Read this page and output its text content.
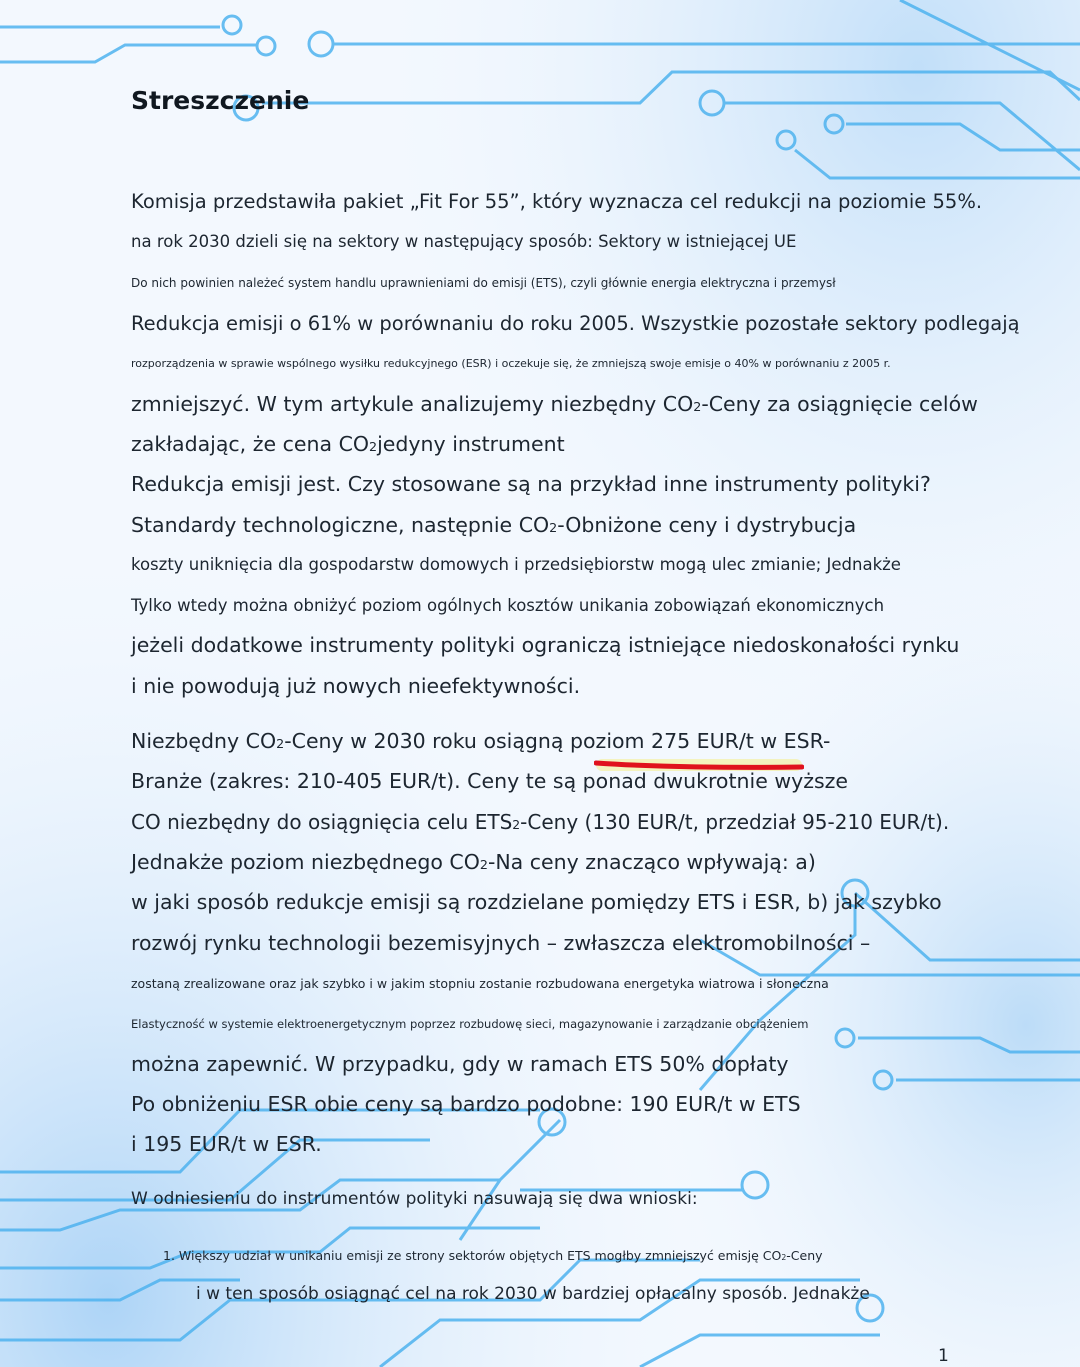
Streszczenie
Komisja przedstawiła pakiet „Fit For 55”, który wyznacza cel redukcji na poziomie 55%.
na rok 2030 dzieli się na sektory w następujący sposób: Sektory w istniejącej UE
Do nich powinien należeć system handlu uprawnieniami do emisji (ETS), czyli głównie energia elektryczna i przemysł
Redukcja emisji o 61% w porównaniu do roku 2005. Wszystkie pozostałe sektory podlegają
rozporządzenia w sprawie wspólnego wysiłku redukcyjnego (ESR) i oczekuje się, że zmniejszą swoje emisje o 40% w porównaniu z 2005 r.
zmniejszyć. W tym artykule analizujemy niezbędny CO2-Ceny za osiągnięcie celów
zakładając, że cena CO2jedyny instrument
Redukcja emisji jest. Czy stosowane są na przykład inne instrumenty polityki?
Standardy technologiczne, następnie CO2-Obniżone ceny i dystrybucja
koszty uniknięcia dla gospodarstw domowych i przedsiębiorstw mogą ulec zmianie; Jednakże
Tylko wtedy można obniżyć poziom ogólnych kosztów unikania zobowiązań ekonomicznych
jeżeli dodatkowe instrumenty polityki ograniczą istniejące niedoskonałości rynku
i nie powodują już nowych nieefektywności.
Niezbędny CO2-Ceny w 2030 roku osiągną poziom 275 EUR/t w ESR-
Branże (zakres: 210-405 EUR/t). Ceny te są ponad dwukrotnie wyższe
CO niezbędny do osiągnięcia celu ETS2-Ceny (130 EUR/t, przedział 95-210 EUR/t).
Jednakże poziom niezbędnego CO2-Na ceny znacząco wpływają: a)
w jaki sposób redukcje emisji są rozdzielane pomiędzy ETS i ESR, b) jak szybko
rozwój rynku technologii bezemisyjnych – zwłaszcza elektromobilności –
zostaną zrealizowane oraz jak szybko i w jakim stopniu zostanie rozbudowana energetyka wiatrowa i słoneczna
Elastyczność w systemie elektroenergetycznym poprzez rozbudowę sieci, magazynowanie i zarządzanie obciążeniem
można zapewnić. W przypadku, gdy w ramach ETS 50% dopłaty
Po obniżeniu ESR obie ceny są bardzo podobne: 190 EUR/t w ETS
i 195 EUR/t w ESR.
W odniesieniu do instrumentów polityki nasuwają się dwa wnioski:
1. Większy udział w unikaniu emisji ze strony sektorów objętych ETS mogłby zmniejszyć emisję CO2-Ceny
i w ten sposób osiągnąć cel na rok 2030 w bardziej opłacalny sposób. Jednakże
1
